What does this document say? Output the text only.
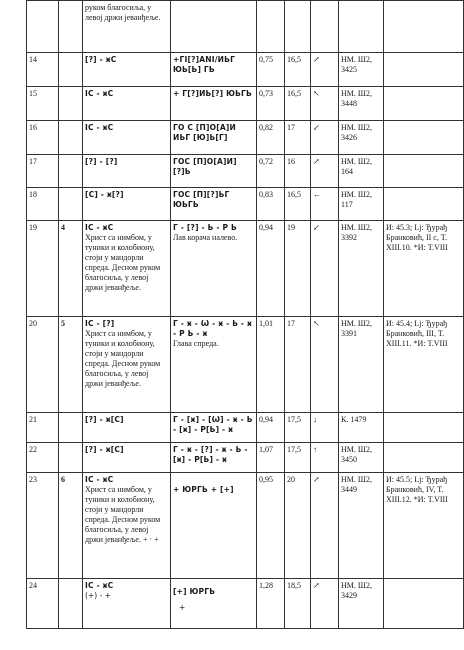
		руком благосиља, у левој држи јеванђеље.						

14		[?] - ӿC	+ΓΙ[?]ΑΝΙ/ИЬΓ ЮЬ[Ь] ГЬ	0,75	16,5	↗	НМ. Ш2, 3425	
15		IC - ӿC	+ Γ[?]ИЬ[?] ЮЬГЬ	0,73	16,5	↖	НМ. Ш2, 3448	
16		IC - ӿC	ΓΟ C [Π]Ο[А]И ИЬΓ [Ю]Ь[Γ]	0,82	17	↙	НМ. Ш2, 3426	
17		[?] - [?]	ΓΟC [Π]О[А]И] [?]Ь	0,72	16	↗	НМ. Ш2, 164	
18		[C] - ӿ[?]	ΓΟC [Π][?]ЬΓ ЮЬΓЬ	0,83	16,5	←	НМ. Ш2, 117	
19	4	IC - ӿC
Христ са нимбом, у туники и колобиону, стоји у мандорли спреда. Десном руком благосиља, у левој држи јеванђеље.	Γ - [?] - Ь - Ρ Ь
Лав корача налево.	0,94	19	↙	НМ. Ш2, 3392	И: 45.3; Lj: Ђурађ Бранковић, II c, T. XIII.10. *И: T.VIII
20	5	IC - [?]
Христ са нимбом, у туники и колобиону, стоји у мандорли спреда. Десном руком благосиља, у левој држи јеванђеље.	Γ - ӿ - Ѡ - ӿ - Ь - ӿ - Ρ Ь - ӿ
Глава спреда.	1,01	17	↖	НМ. Ш2, 3391	И: 45.4; Lj: Ђурађ Бранковић, III, T. XIII.11. *И: T.VIII
21		[?] - ӿ[C]	Γ - [ӿ] - [Ѡ] - ӿ - Ь - [ӿ] - Ρ[Ь] - ӿ	0,94	17,5	↓	К. 1479	
22		[?] - ӿ[C]	Γ - ӿ - [?] - ӿ - Ь - [ӿ] - Ρ[Ь] - ӿ	1,07	17,5	↑	НМ. Ш2, 3450	
23	6	IC - ӿC
Христ са нимбом, у туники и колобиону, стоји у мандорли спреда. Десном руком благосиља, у левој држи јеванђеље. + · +	+ ЮΡΓЬ + [+]	0,95	20	↗	НМ. Ш2, 3449	И: 45.5; Lj: Ђурађ Бранковић, IV, T. XIII.12. *И: T.VIII
24		IC - ӿC
(+) - +	[+] ЮΡΓЬ
+	1,28	18,5	↗	НМ. Ш2, 3429	
